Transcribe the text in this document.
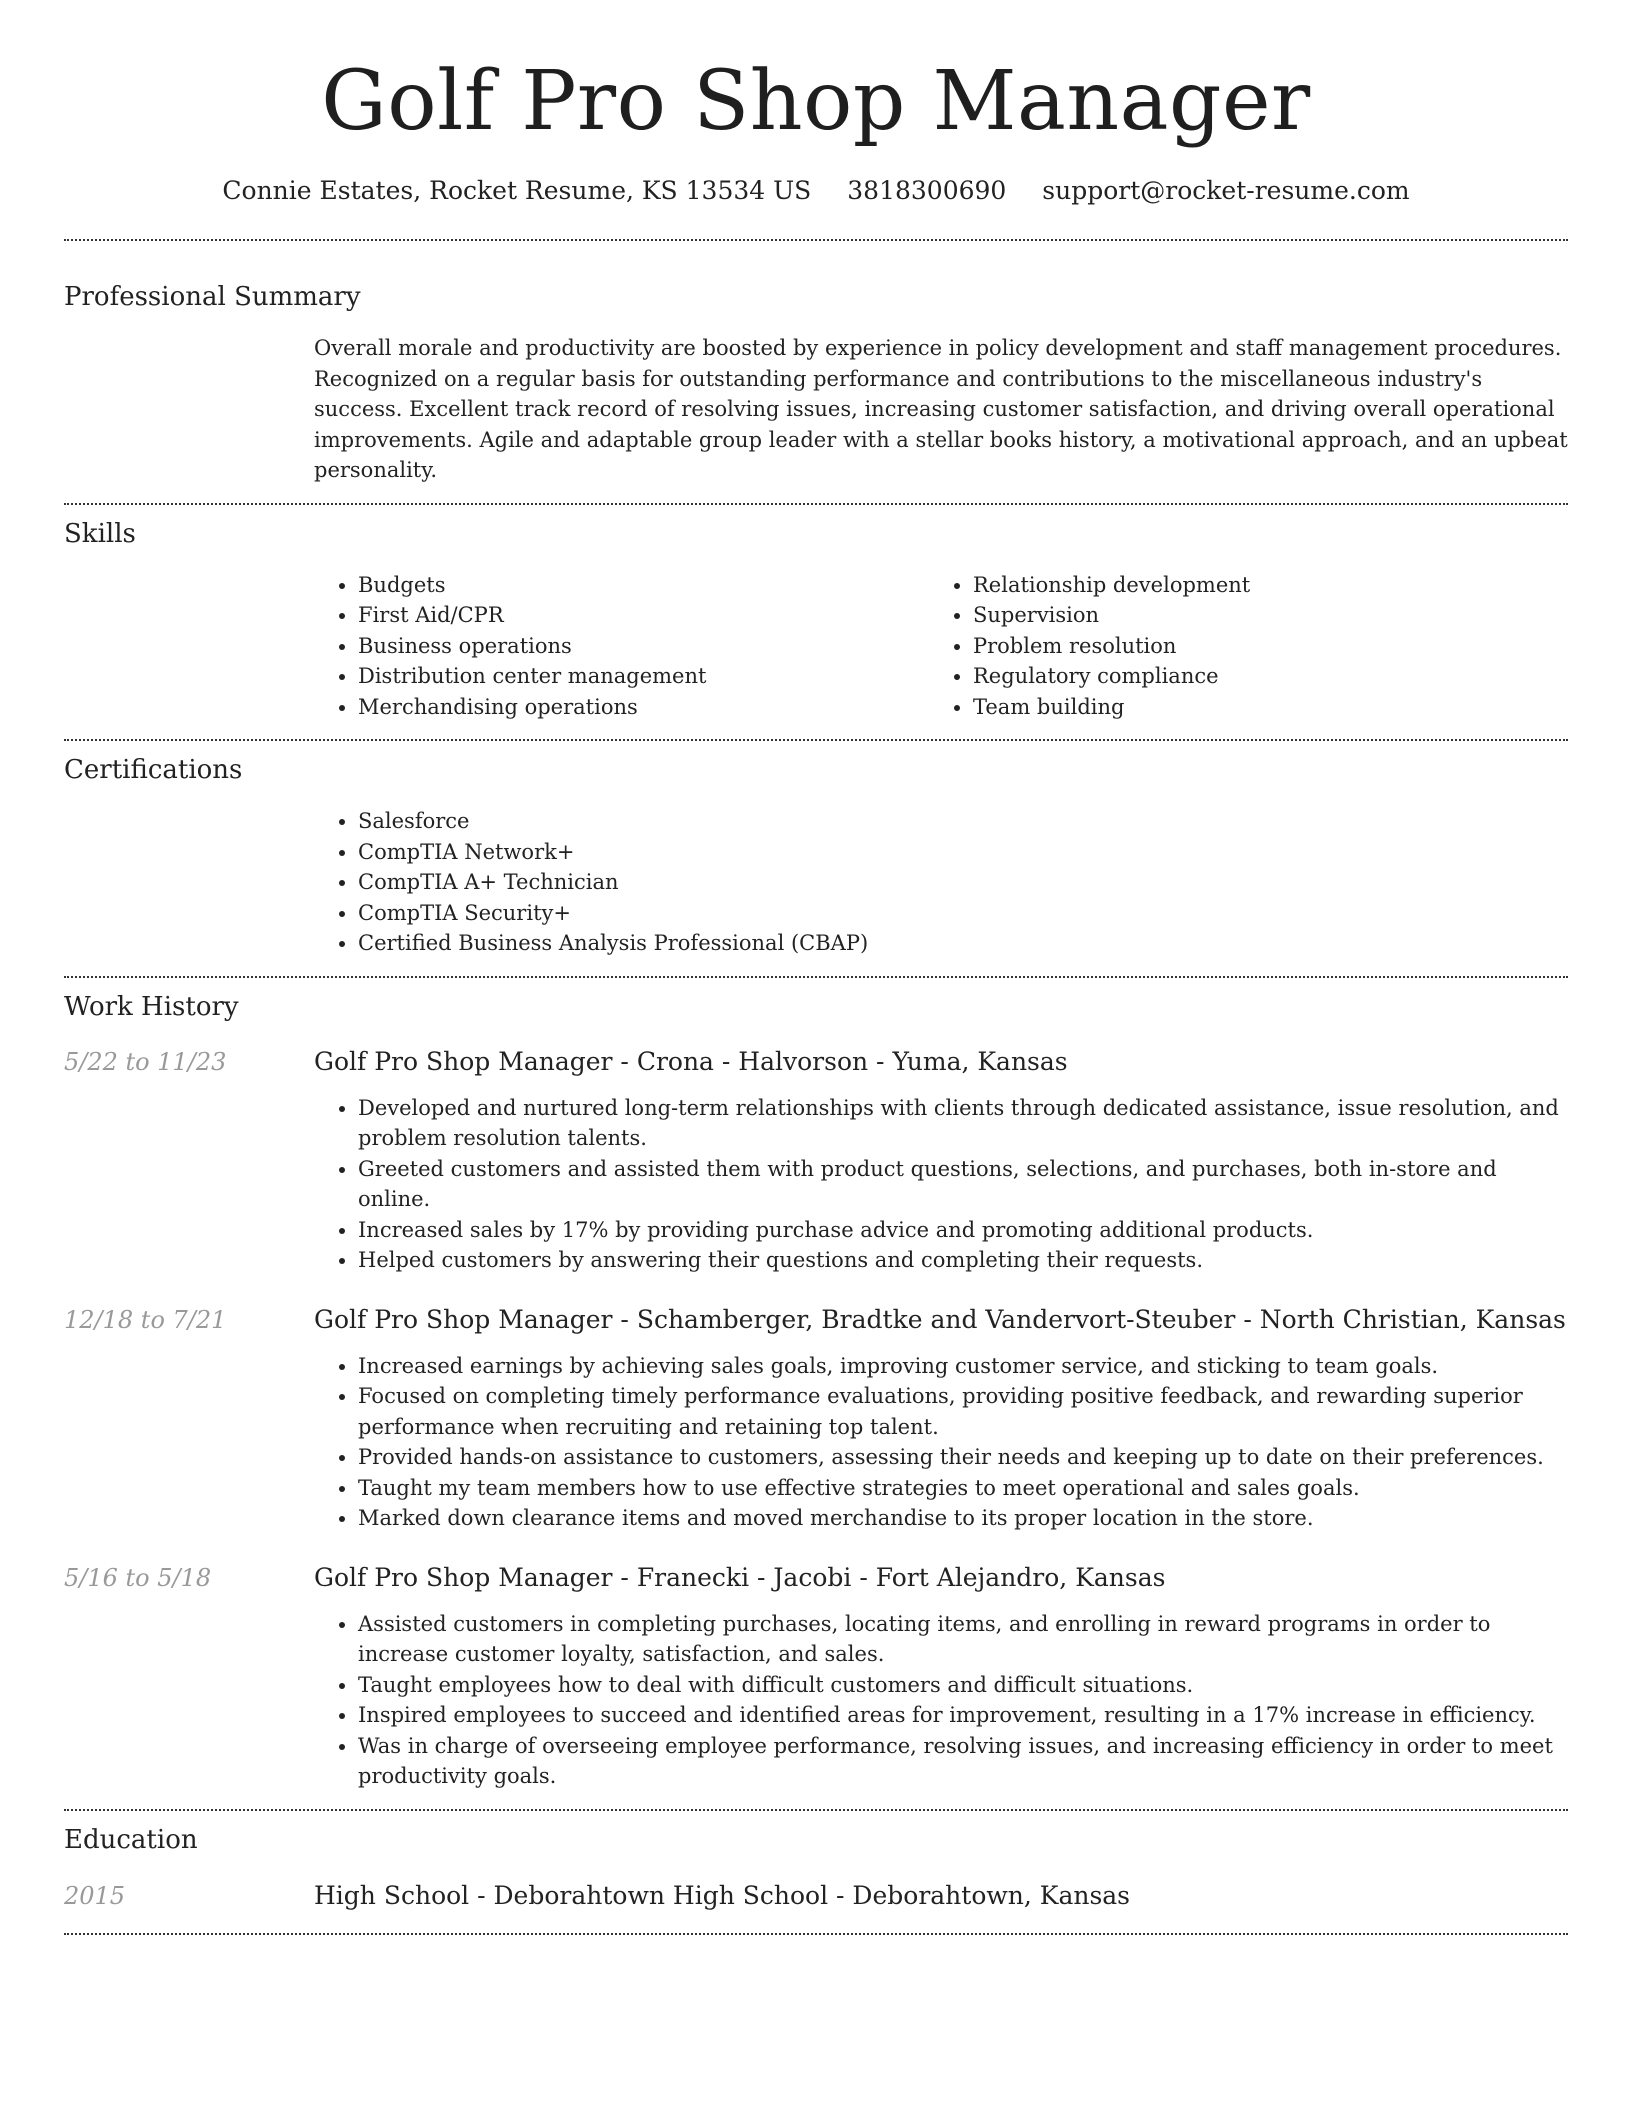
Golf Pro Shop Manager
Connie Estates, Rocket Resume, KS 13534 US 3818300690 support@rocket-resume.com
Professional Summary

Overall morale and productivity are boosted by experience in policy development and staff management procedures. Recognized on a regular basis for outstanding performance and contributions to the miscellaneous industry's success. Excellent track record of resolving issues, increasing customer satisfaction, and driving overall operational improvements. Agile and adaptable group leader with a stellar books history, a motivational approach, and an upbeat personality.

Skills
• Budgets
• First Aid/CPR
• Business operations
• Distribution center management
• Merchandising operations
• Relationship development
• Supervision
• Problem resolution
• Regulatory compliance
• Team building
Certifications
• Salesforce
• CompTIA Network+
• CompTIA A+ Technician
• CompTIA Security+
• Certified Business Analysis Professional (CBAP)
Work History
5/22 to 11/23	Golf Pro Shop Manager - Crona - Halvorson - Yuma, Kansas
• Developed and nurtured long-term relationships with clients through dedicated assistance, issue resolution, and problem resolution talents.
• Greeted customers and assisted them with product questions, selections, and purchases, both in-store and online.
• Increased sales by 17% by providing purchase advice and promoting additional products.
• Helped customers by answering their questions and completing their requests.
12/18 to 7/21	Golf Pro Shop Manager - Schamberger, Bradtke and Vandervort-Steuber - North Christian, Kansas
• Increased earnings by achieving sales goals, improving customer service, and sticking to team goals.
• Focused on completing timely performance evaluations, providing positive feedback, and rewarding superior performance when recruiting and retaining top talent.
• Provided hands-on assistance to customers, assessing their needs and keeping up to date on their preferences.
• Taught my team members how to use effective strategies to meet operational and sales goals.
• Marked down clearance items and moved merchandise to its proper location in the store.
5/16 to 5/18	Golf Pro Shop Manager - Franecki - Jacobi - Fort Alejandro, Kansas
• Assisted customers in completing purchases, locating items, and enrolling in reward programs in order to increase customer loyalty, satisfaction, and sales.
• Taught employees how to deal with difficult customers and difficult situations.
• Inspired employees to succeed and identified areas for improvement, resulting in a 17% increase in efficiency.
• Was in charge of overseeing employee performance, resolving issues, and increasing efficiency in order to meet productivity goals.
Education
2015	High School - Deborahtown High School - Deborahtown, Kansas
